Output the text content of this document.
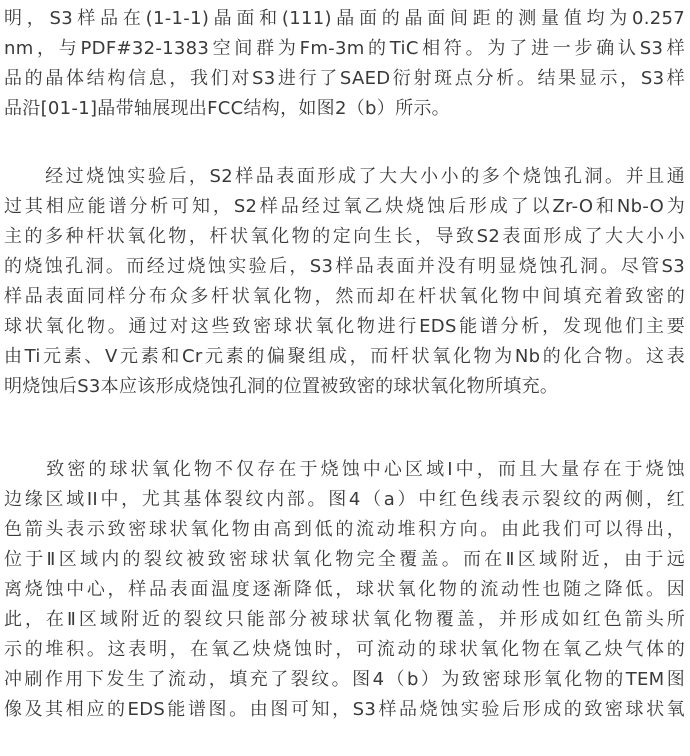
明，S3样品在(1-1-1)晶面和(111)晶面的晶面间距的测量值均为0.257
nm，与PDF#32-1383空间群为Fm-3m的TiC相符。为了进一步确认S3样
品的晶体结构信息，我们对S3进行了SAED衍射斑点分析。结果显示，S3样
品沿[01-1]晶带轴展现出FCC结构，如图2（b）所示。
　　经过烧蚀实验后，S2样品表面形成了大大小小的多个烧蚀孔洞。并且通
过其相应能谱分析可知，S2样品经过氧乙炔烧蚀后形成了以Zr-O和Nb-O为
主的多种杆状氧化物，杆状氧化物的定向生长，导致S2表面形成了大大小小
的烧蚀孔洞。而经过烧蚀实验后，S3样品表面并没有明显烧蚀孔洞。尽管S3
样品表面同样分布众多杆状氧化物，然而却在杆状氧化物中间填充着致密的
球状氧化物。通过对这些致密球状氧化物进行EDS能谱分析，发现他们主要
由Ti元素、V元素和Cr元素的偏聚组成，而杆状氧化物为Nb的化合物。这表
明烧蚀后S3本应该形成烧蚀孔洞的位置被致密的球状氧化物所填充。
　　致密的球状氧化物不仅存在于烧蚀中心区域Ⅰ中，而且大量存在于烧蚀
边缘区域II中，尤其基体裂纹内部。图4（a）中红色线表示裂纹的两侧，红
色箭头表示致密球状氧化物由高到低的流动堆积方向。由此我们可以得出，
位于Ⅱ区域内的裂纹被致密球状氧化物完全覆盖。而在Ⅱ区域附近，由于远
离烧蚀中心，样品表面温度逐渐降低，球状氧化物的流动性也随之降低。因
此，在Ⅱ区域附近的裂纹只能部分被球状氧化物覆盖，并形成如红色箭头所
示的堆积。这表明，在氧乙炔烧蚀时，可流动的球状氧化物在氧乙炔气体的
冲刷作用下发生了流动，填充了裂纹。图4（b）为致密球形氧化物的TEM图
像及其相应的EDS能谱图。由图可知，S3样品烧蚀实验后形成的致密球状氧
